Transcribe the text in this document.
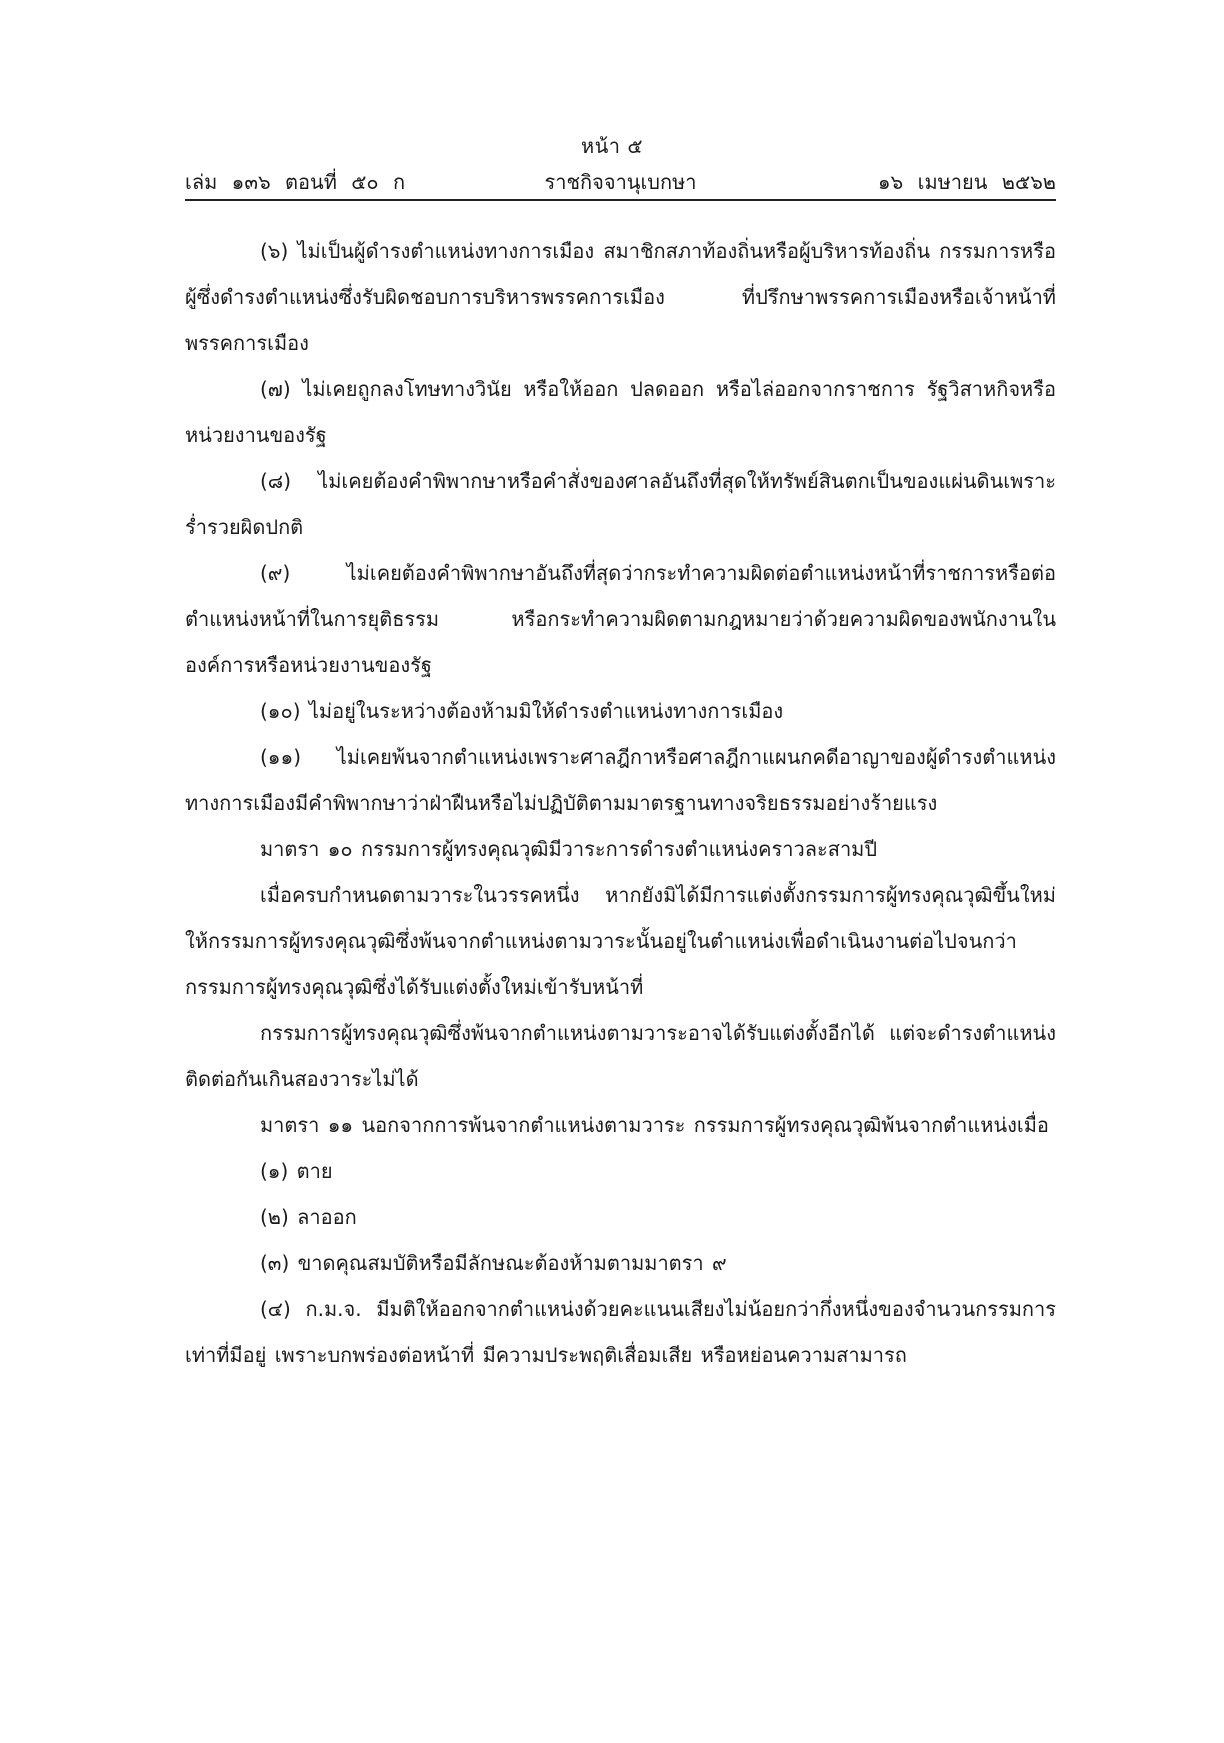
หน้า ๕
เล่ม ๑๓๖ ตอนที่ ๕๐ ก	ราชกิจจานุเบกษา	๑๖ เมษายน ๒๕๖๒

(๖) ไม่เป็นผู้ดำรงตำแหน่งทางการเมือง สมาชิกสภาท้องถิ่นหรือผู้บริหารท้องถิ่น กรรมการหรือผู้ซึ่งดำรงตำแหน่งซึ่งรับผิดชอบการบริหารพรรคการเมือง ที่ปรึกษาพรรคการเมืองหรือเจ้าหน้าที่พรรคการเมือง

(๗) ไม่เคยถูกลงโทษทางวินัย หรือให้ออก ปลดออก หรือไล่ออกจากราชการ รัฐวิสาหกิจหรือหน่วยงานของรัฐ

(๘) ไม่เคยต้องคำพิพากษาหรือคำสั่งของศาลอันถึงที่สุดให้ทรัพย์สินตกเป็นของแผ่นดินเพราะร่ำรวยผิดปกติ

(๙) ไม่เคยต้องคำพิพากษาอันถึงที่สุดว่ากระทำความผิดต่อตำแหน่งหน้าที่ราชการหรือต่อตำแหน่งหน้าที่ในการยุติธรรม หรือกระทำความผิดตามกฎหมายว่าด้วยความผิดของพนักงานในองค์การหรือหน่วยงานของรัฐ

(๑๐) ไม่อยู่ในระหว่างต้องห้ามมิให้ดำรงตำแหน่งทางการเมือง

(๑๑) ไม่เคยพ้นจากตำแหน่งเพราะศาลฎีกาหรือศาลฎีกาแผนกคดีอาญาของผู้ดำรงตำแหน่งทางการเมืองมีคำพิพากษาว่าฝ่าฝืนหรือไม่ปฏิบัติตามมาตรฐานทางจริยธรรมอย่างร้ายแรง

มาตรา ๑๐ กรรมการผู้ทรงคุณวุฒิมีวาระการดำรงตำแหน่งคราวละสามปี

เมื่อครบกำหนดตามวาระในวรรคหนึ่ง หากยังมิได้มีการแต่งตั้งกรรมการผู้ทรงคุณวุฒิขึ้นใหม่ให้กรรมการผู้ทรงคุณวุฒิซึ่งพ้นจากตำแหน่งตามวาระนั้นอยู่ในตำแหน่งเพื่อดำเนินงานต่อไปจนกว่ากรรมการผู้ทรงคุณวุฒิซึ่งได้รับแต่งตั้งใหม่เข้ารับหน้าที่

กรรมการผู้ทรงคุณวุฒิซึ่งพ้นจากตำแหน่งตามวาระอาจได้รับแต่งตั้งอีกได้ แต่จะดำรงตำแหน่งติดต่อกันเกินสองวาระไม่ได้

มาตรา ๑๑ นอกจากการพ้นจากตำแหน่งตามวาระ กรรมการผู้ทรงคุณวุฒิพ้นจากตำแหน่งเมื่อ

(๑) ตาย

(๒) ลาออก

(๓) ขาดคุณสมบัติหรือมีลักษณะต้องห้ามตามมาตรา ๙

(๔) ก.ม.จ. มีมติให้ออกจากตำแหน่งด้วยคะแนนเสียงไม่น้อยกว่ากึ่งหนึ่งของจำนวนกรรมการเท่าที่มีอยู่ เพราะบกพร่องต่อหน้าที่ มีความประพฤติเสื่อมเสีย หรือหย่อนความสามารถ
